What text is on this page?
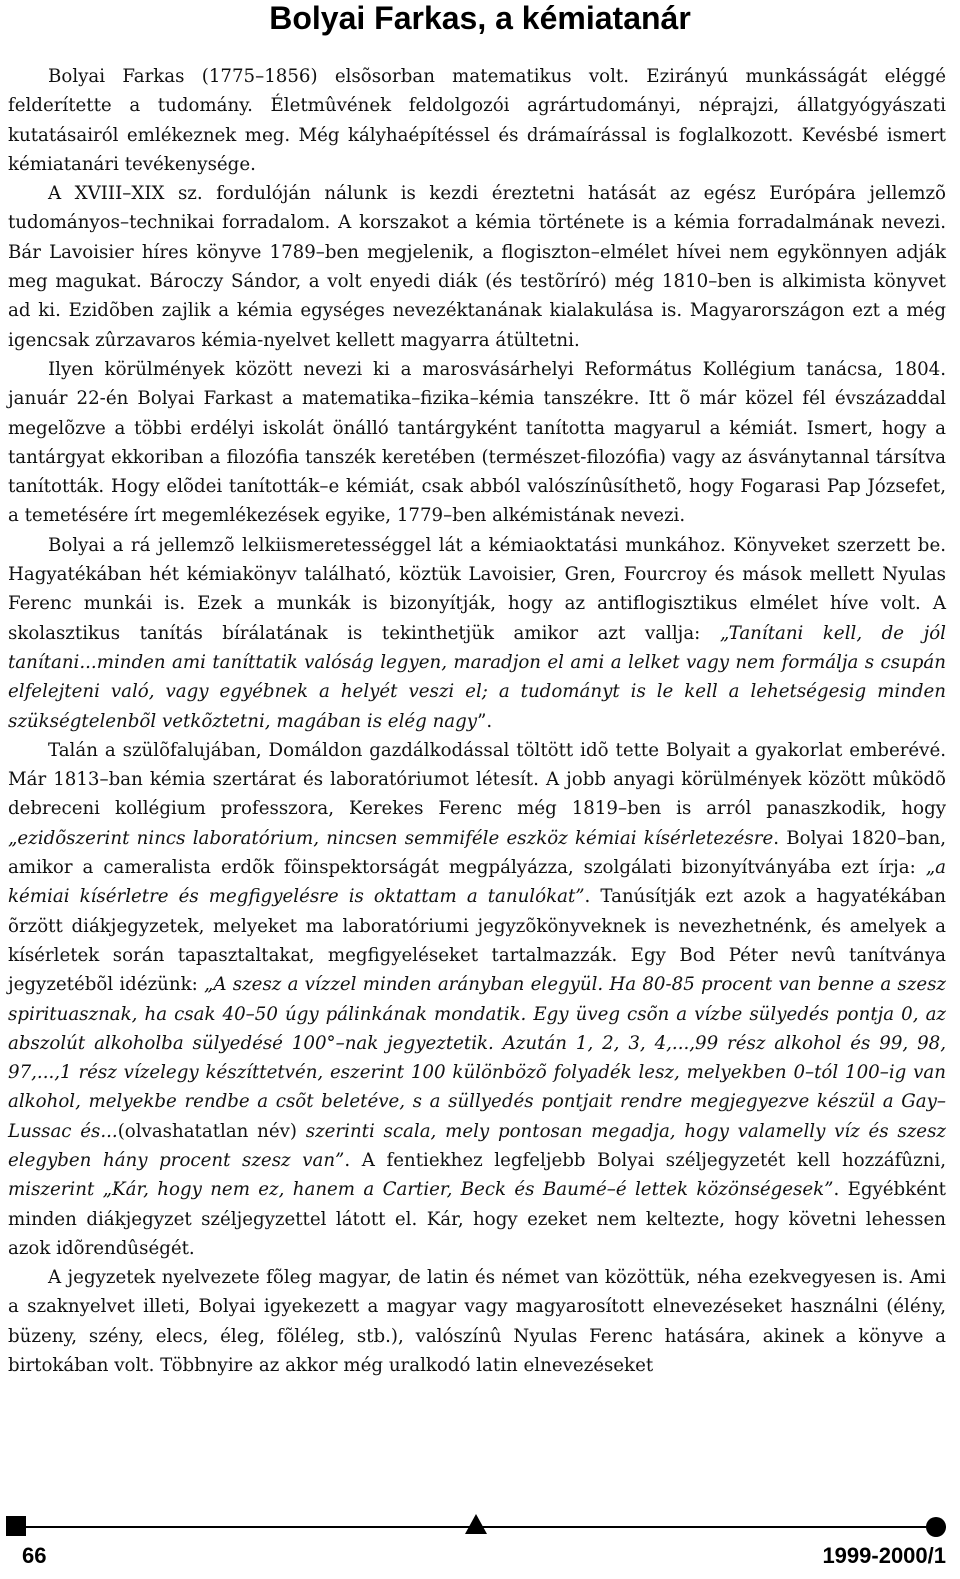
Bolyai Farkas, a kémiatanár

Bolyai Farkas (1775–1856) elsõsorban matematikus volt. Ezirányú munkásságát eléggé felderítette a tudomány. Életmûvének feldolgozói agrártudományi, néprajzi, állatgyógyászati kutatásairól emlékeznek meg. Még kályhaépítéssel és drámaírással is foglalkozott. Kevésbé ismert kémiatanári tevékenysége.

A XVIII–XIX sz. fordulóján nálunk is kezdi éreztetni hatását az egész Európára jellemzõ tudományos–technikai forradalom. A korszakot a kémia története is a kémia forradalmának nevezi. Bár Lavoisier híres könyve 1789–ben megjelenik, a flogiszton–elmélet hívei nem egykönnyen adják meg magukat. Bároczy Sándor, a volt enyedi diák (és testõríró) még 1810–ben is alkimista könyvet ad ki. Ezidõben zajlik a kémia egységes nevezéktanának kialakulása is. Magyarországon ezt a még igencsak zûrzavaros kémia-nyelvet kellett magyarra átültetni.

Ilyen körülmények között nevezi ki a marosvásárhelyi Református Kollégium tanácsa, 1804. január 22-én Bolyai Farkast a matematika–fizika–kémia tanszékre. Itt õ már közel fél évszázaddal megelõzve a többi erdélyi iskolát önálló tantárgyként tanította magyarul a kémiát. Ismert, hogy a tantárgyat ekkoriban a filozófia tanszék keretében (természet-filozófia) vagy az ásványtannal társítva tanították. Hogy elõdei tanították–e kémiát, csak abból valószínûsíthetõ, hogy Fogarasi Pap Józsefet, a temetésére írt megemlékezések egyike, 1779–ben alkémistának nevezi.

Bolyai a rá jellemzõ lelkiismeretességgel lát a kémiaoktatási munkához. Könyveket szerzett be. Hagyatékában hét kémiakönyv található, köztük Lavoisier, Gren, Fourcroy és mások mellett Nyulas Ferenc munkái is. Ezek a munkák is bizonyítják, hogy az antiflogisztikus elmélet híve volt. A skolasztikus tanítás bírálatának is tekinthetjük amikor azt vallja: „Tanítani kell, de jól tanítani...minden ami taníttatik valóság legyen, maradjon el ami a lelket vagy nem formálja s csupán elfelejteni való, vagy egyébnek a helyét veszi el; a tudományt is le kell a lehetségesig minden szükségtelenbõl vetkõztetni, magában is elég nagy”.

Talán a szülõfalujában, Domáldon gazdálkodással töltött idõ tette Bolyait a gyakorlat emberévé. Már 1813–ban kémia szertárat és laboratóriumot létesít. A jobb anyagi körülmények között mûködõ debreceni kollégium professzora, Kerekes Ferenc még 1819–ben is arról panaszkodik, hogy „ezidõszerint nincs laboratórium, nincsen semmiféle eszköz kémiai kísérletezésre. Bolyai 1820–ban, amikor a cameralista erdõk fõinspektorságát megpályázza, szolgálati bizonyítványába ezt írja: „a kémiai kísérletre és megfigyelésre is oktattam a tanulókat”. Tanúsítják ezt azok a hagyatékában õrzött diákjegyzetek, melyeket ma laboratóriumi jegyzõkönyveknek is nevezhetnénk, és amelyek a kísérletek során tapasztaltakat, megfigyeléseket tartalmazzák. Egy Bod Péter nevû tanítványa jegyzetébõl idézünk: „A szesz a vízzel minden arányban elegyül. Ha 80-85 procent van benne a szesz spirituasznak, ha csak 40–50 úgy pálinkának mondatik. Egy üveg csõn a vízbe sülyedés pontja 0, az abszolút alkoholba sülyedésé 100°–nak jegyeztetik. Azután 1, 2, 3, 4,...,99 rész alkohol és 99, 98, 97,...,1 rész vízelegy készíttetvén, eszerint 100 különbözõ folyadék lesz, melyekben 0–tól 100–ig van alkohol, melyekbe rendbe a csõt beletéve, s a süllyedés pontjait rendre megjegyezve készül a Gay–Lussac és...(olvashatatlan név) szerinti scala, mely pontosan megadja, hogy valamelly víz és szesz elegyben hány procent szesz van”. A fentiekhez legfeljebb Bolyai széljegyzetét kell hozzáfûzni, miszerint „Kár, hogy nem ez, hanem a Cartier, Beck és Baumé–é lettek közönségesek”. Egyébként minden diákjegyzet széljegyzettel látott el. Kár, hogy ezeket nem keltezte, hogy követni lehessen azok idõrendûségét.

A jegyzetek nyelvezete fõleg magyar, de latin és német van közöttük, néha ezekvegyesen is. Ami a szaknyelvet illeti, Bolyai igyekezett a magyar vagy magyarosított elnevezéseket használni (élény, büzeny, szény, elecs, éleg, fõléleg, stb.), valószínû Nyulas Ferenc hatására, akinek a könyve a birtokában volt. Többnyire az akkor még uralkodó latin elnevezéseket

66	1999-2000/1
